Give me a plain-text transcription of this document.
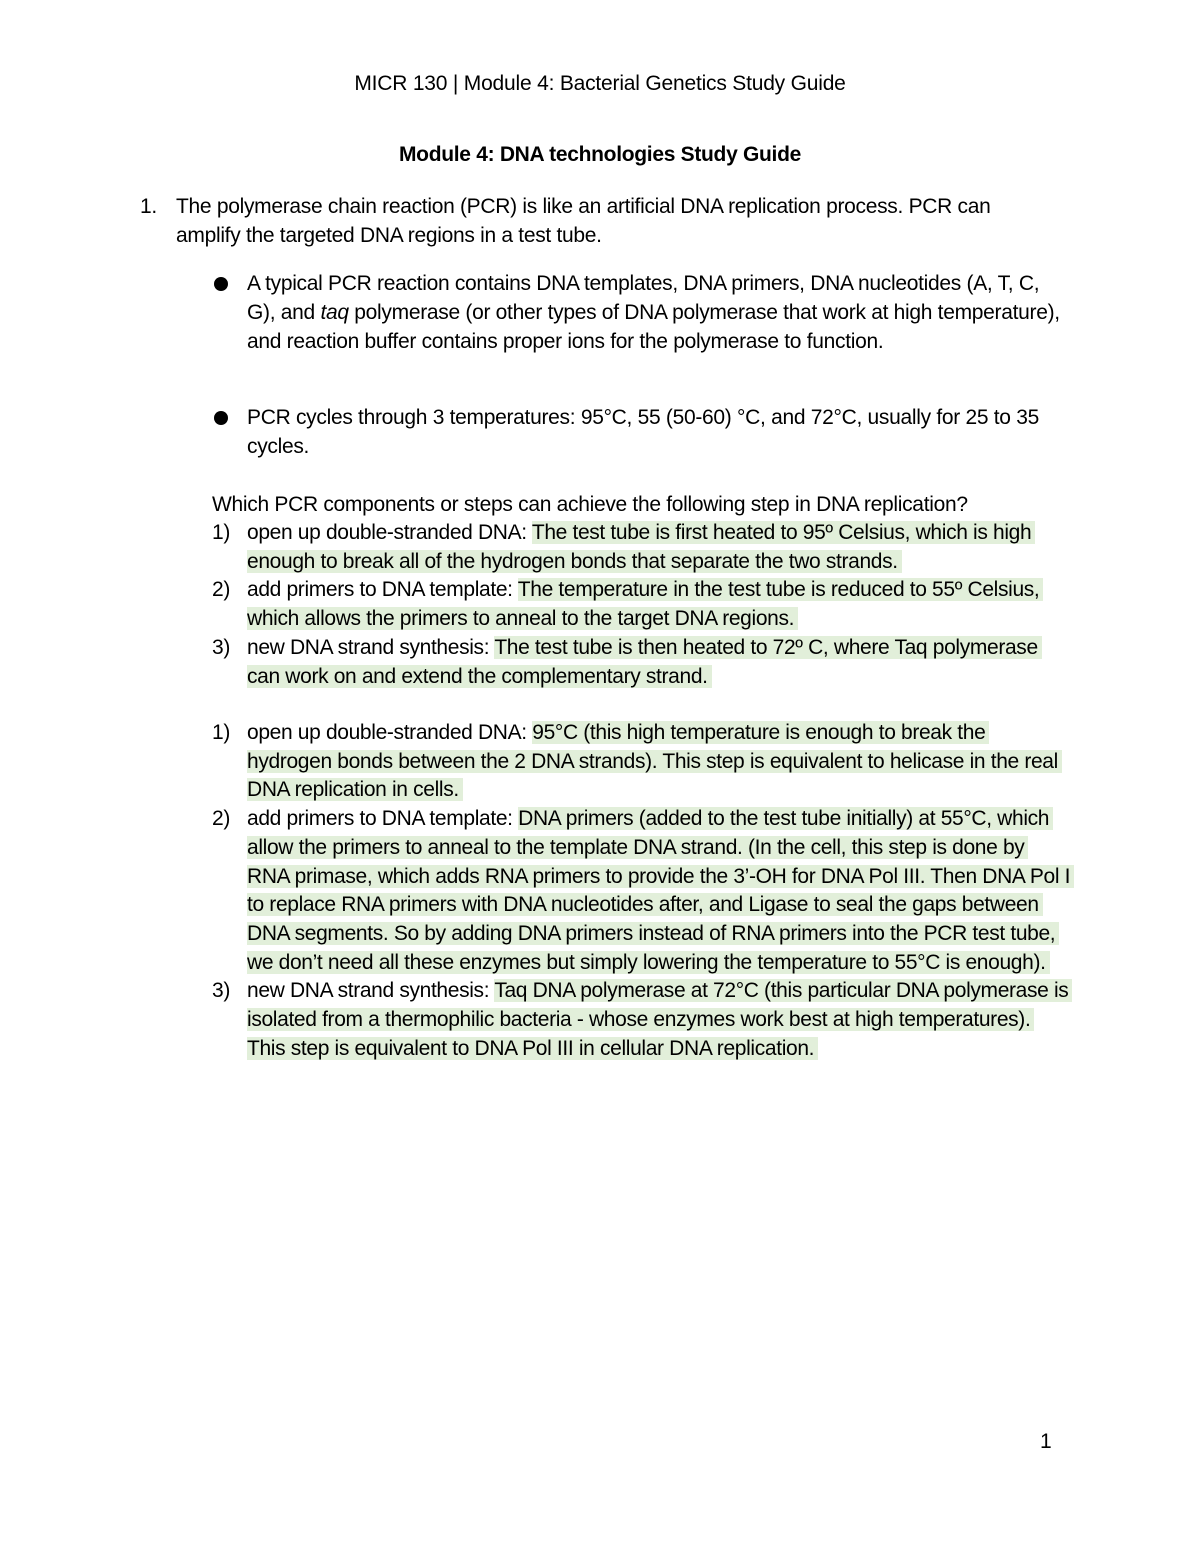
MICR 130 | Module 4: Bacterial Genetics Study Guide
Module 4: DNA technologies Study Guide
1. The polymerase chain reaction (PCR) is like an artificial DNA replication process. PCR can amplify the targeted DNA regions in a test tube.
A typical PCR reaction contains DNA templates, DNA primers, DNA nucleotides (A, T, C, G), and taq polymerase (or other types of DNA polymerase that work at high temperature), and reaction buffer contains proper ions for the polymerase to function.
PCR cycles through 3 temperatures: 95°C, 55 (50-60) °C, and 72°C, usually for 25 to 35 cycles.
Which PCR components or steps can achieve the following step in DNA replication?
1) open up double-stranded DNA: The test tube is first heated to 95º Celsius, which is high enough to break all of the hydrogen bonds that separate the two strands.
2) add primers to DNA template: The temperature in the test tube is reduced to 55º Celsius, which allows the primers to anneal to the target DNA regions.
3) new DNA strand synthesis: The test tube is then heated to 72º C, where Taq polymerase can work on and extend the complementary strand.
1) open up double-stranded DNA: 95°C (this high temperature is enough to break the hydrogen bonds between the 2 DNA strands). This step is equivalent to helicase in the real DNA replication in cells.
2) add primers to DNA template: DNA primers (added to the test tube initially) at 55°C, which allow the primers to anneal to the template DNA strand. (In the cell, this step is done by RNA primase, which adds RNA primers to provide the 3’-OH for DNA Pol III. Then DNA Pol I to replace RNA primers with DNA nucleotides after, and Ligase to seal the gaps between DNA segments. So by adding DNA primers instead of RNA primers into the PCR test tube, we don’t need all these enzymes but simply lowering the temperature to 55°C is enough).
3) new DNA strand synthesis: Taq DNA polymerase at 72°C (this particular DNA polymerase is isolated from a thermophilic bacteria - whose enzymes work best at high temperatures). This step is equivalent to DNA Pol III in cellular DNA replication.
1
